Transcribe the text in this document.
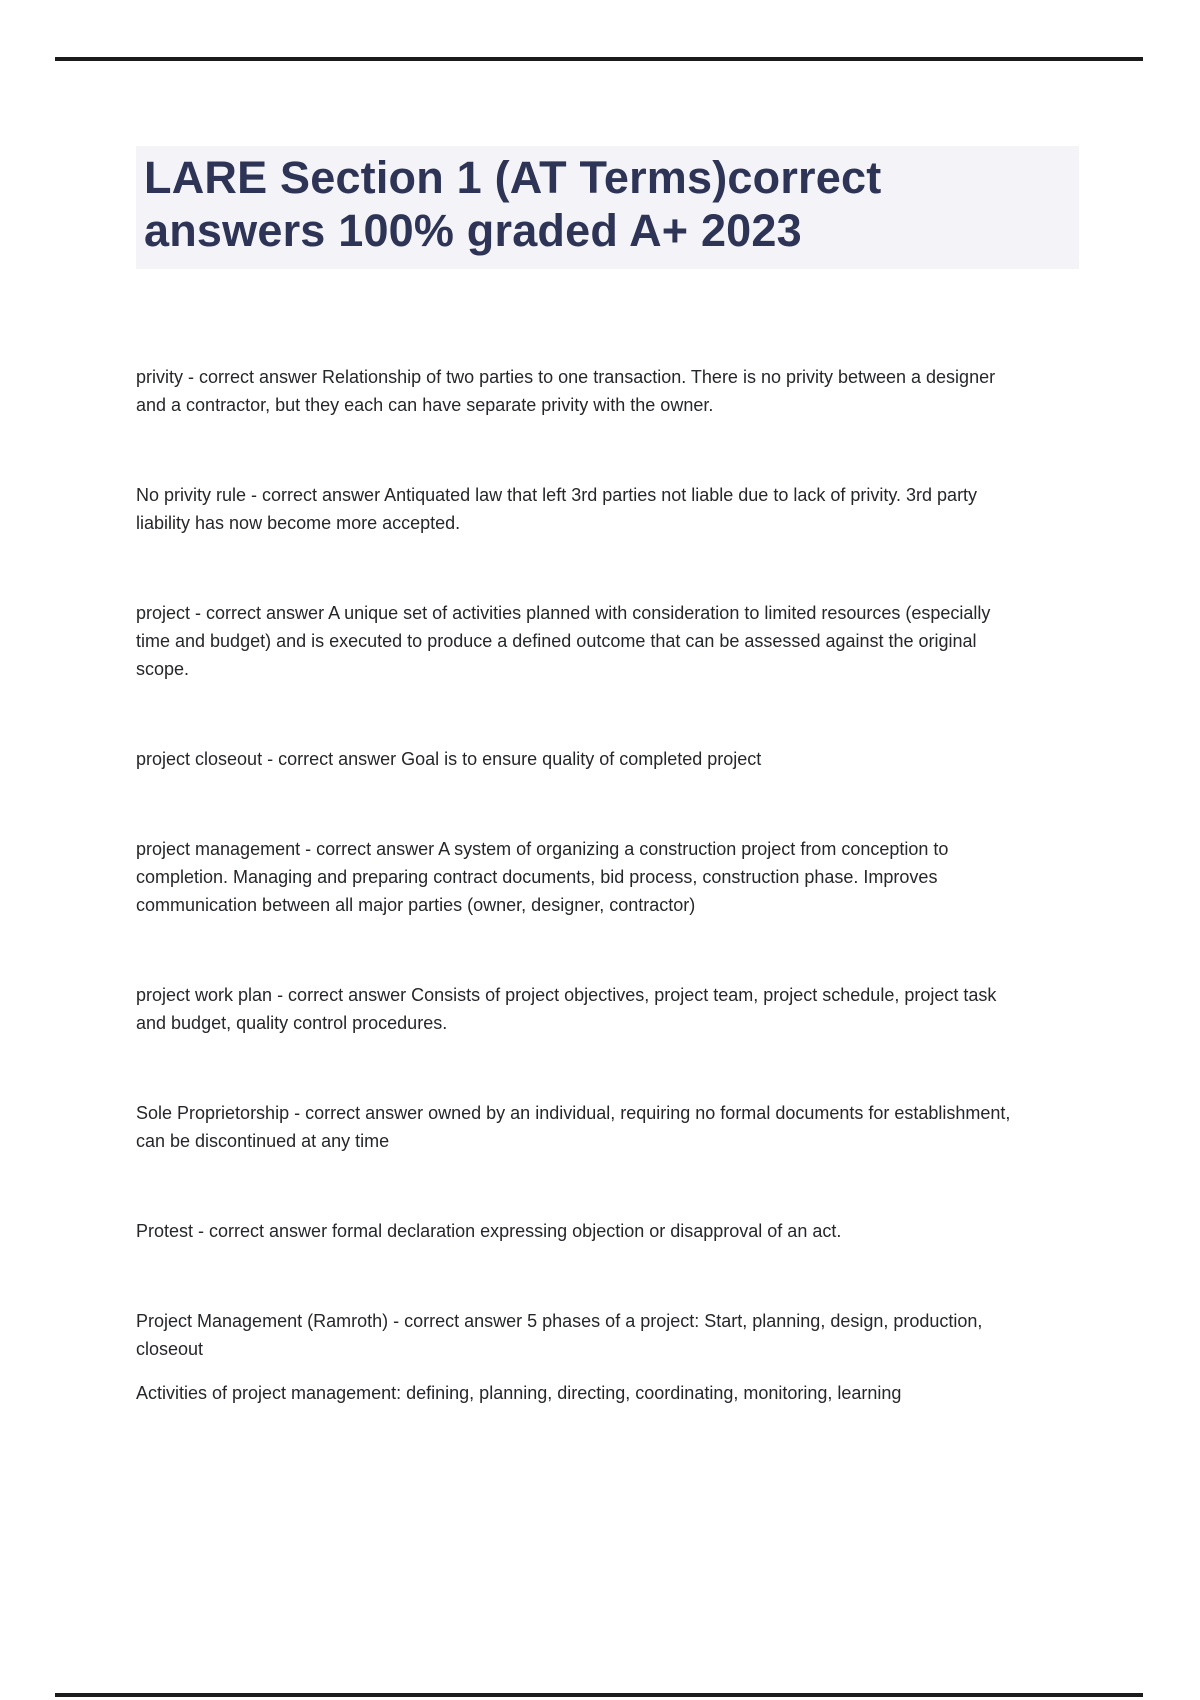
LARE Section 1 (AT Terms)correct answers 100% graded A+ 2023

privity - correct answer Relationship of two parties to one transaction. There is no privity between a designer and a contractor, but they each can have separate privity with the owner.

No privity rule - correct answer Antiquated law that left 3rd parties not liable due to lack of privity. 3rd party liability has now become more accepted.

project - correct answer A unique set of activities planned with consideration to limited resources (especially time and budget) and is executed to produce a defined outcome that can be assessed against the original scope.

project closeout - correct answer Goal is to ensure quality of completed project

project management - correct answer A system of organizing a construction project from conception to completion. Managing and preparing contract documents, bid process, construction phase. Improves communication between all major parties (owner, designer, contractor)

project work plan - correct answer Consists of project objectives, project team, project schedule, project task and budget, quality control procedures.

Sole Proprietorship - correct answer owned by an individual, requiring no formal documents for establishment, can be discontinued at any time

Protest - correct answer formal declaration expressing objection or disapproval of an act.

Project Management (Ramroth) - correct answer 5 phases of a project: Start, planning, design, production, closeout

Activities of project management: defining, planning, directing, coordinating, monitoring, learning
